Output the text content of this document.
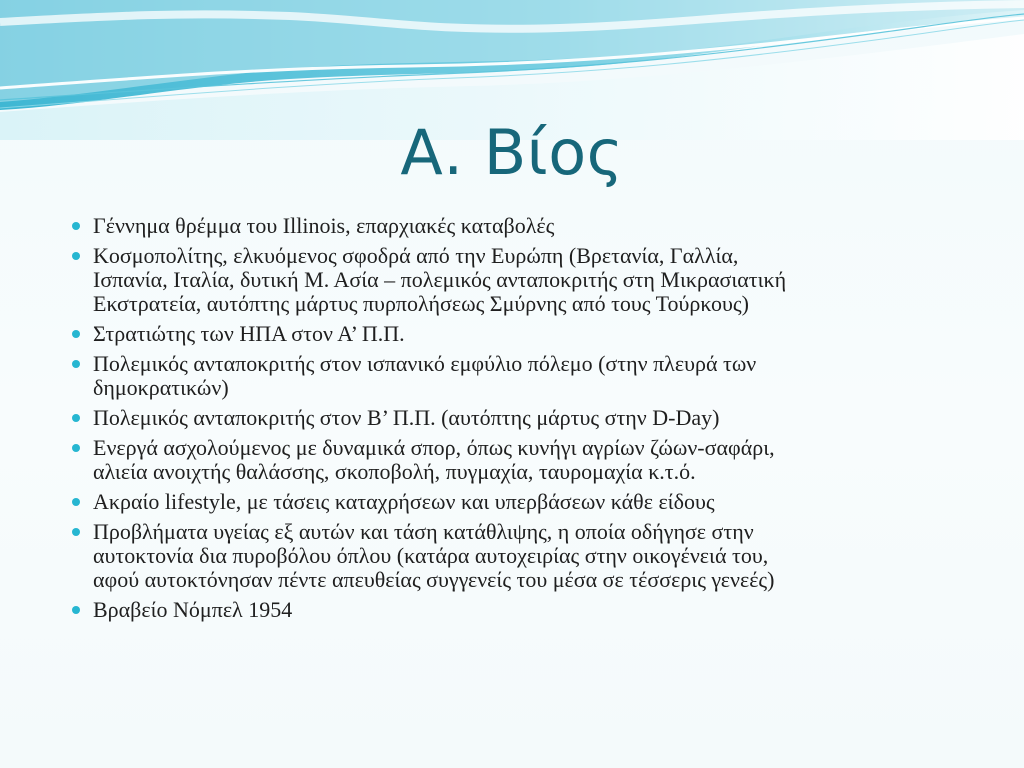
Α. Βίος
Γέννημα θρέμμα του Illinois, επαρχιακές καταβολές
Κοσμοπολίτης, ελκυόμενος σφοδρά από την Ευρώπη (Βρετανία, Γαλλία,
Ισπανία, Ιταλία, δυτική Μ. Ασία – πολεμικός ανταποκριτής στη Μικρασιατική
Εκστρατεία, αυτόπτης μάρτυς πυρπολήσεως Σμύρνης από τους Τούρκους)
Στρατιώτης των ΗΠΑ στον Α’ Π.Π.
Πολεμικός ανταποκριτής στον ισπανικό εμφύλιο πόλεμο (στην πλευρά των
δημοκρατικών)
Πολεμικός ανταποκριτής στον Β’ Π.Π. (αυτόπτης μάρτυς στην D-Day)
Ενεργά ασχολούμενος με δυναμικά σπορ, όπως κυνήγι αγρίων ζώων-σαφάρι,
αλιεία ανοιχτής θαλάσσης, σκοποβολή, πυγμαχία, ταυρομαχία κ.τ.ό.
Ακραίο lifestyle, με τάσεις καταχρήσεων και υπερβάσεων κάθε είδους
Προβλήματα υγείας εξ αυτών και τάση κατάθλιψης, η οποία οδήγησε στην
αυτοκτονία δια πυροβόλου όπλου (κατάρα αυτοχειρίας στην οικογένειά του,
αφού αυτοκτόνησαν πέντε απευθείας συγγενείς του μέσα σε τέσσερις γενεές)
Βραβείο Νόμπελ 1954
